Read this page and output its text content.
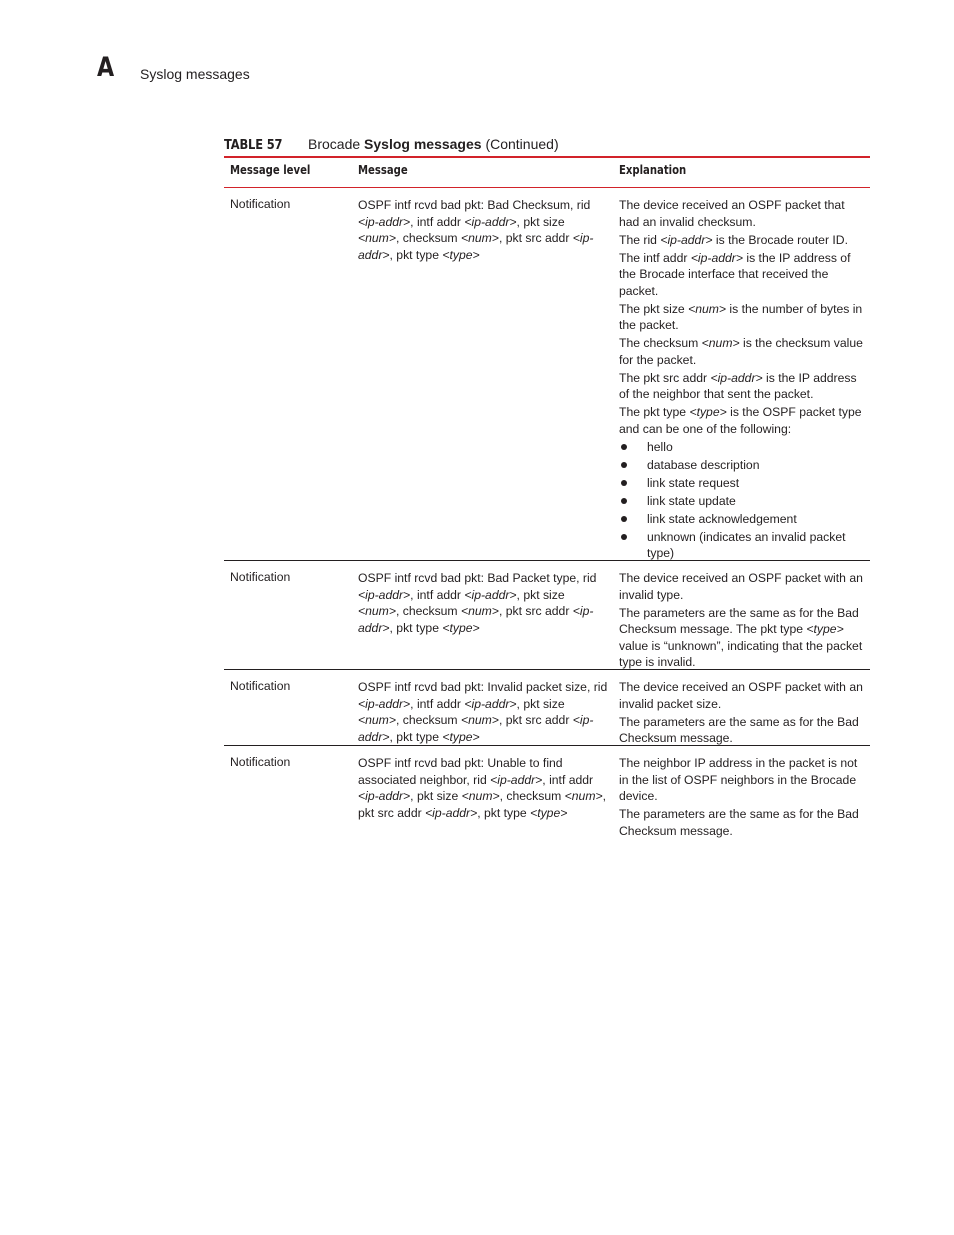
A Syslog messages
TABLE 57 Brocade Syslog messages (Continued)
Message level	Message	Explanation
Notification	OSPF intf rcvd bad pkt: Bad Checksum, rid <ip-addr>, intf addr <ip-addr>, pkt size <num>, checksum <num>, pkt src addr <ip-addr>, pkt type <type>

The device received an OSPF packet that had an invalid checksum.

The rid <ip-addr> is the Brocade router ID.

The intf addr <ip-addr> is the IP address of the Brocade interface that received the packet.

The pkt size <num> is the number of bytes in the packet.

The checksum <num> is the checksum value for the packet.

The pkt src addr <ip-addr> is the IP address of the neighbor that sent the packet.

The pkt type <type> is the OSPF packet type and can be one of the following:

hello
database description
link state request
link state update
link state acknowledgement
unknown (indicates an invalid packet type)
Notification	OSPF intf rcvd bad pkt: Bad Packet type, rid <ip-addr>, intf addr <ip-addr>, pkt size <num>, checksum <num>, pkt src addr <ip-addr>, pkt type <type>

The device received an OSPF packet with an invalid type.

The parameters are the same as for the Bad Checksum message. The pkt type <type> value is “unknown”, indicating that the packet type is invalid.

Notification	OSPF intf rcvd bad pkt: Invalid packet size, rid <ip-addr>, intf addr <ip-addr>, pkt size <num>, checksum <num>, pkt src addr <ip-addr>, pkt type <type>

The device received an OSPF packet with an invalid packet size.

The parameters are the same as for the Bad Checksum message.

Notification	OSPF intf rcvd bad pkt: Unable to find associated neighbor, rid <ip-addr>, intf addr <ip-addr>, pkt size <num>, checksum <num>, pkt src addr <ip-addr>, pkt type <type>

The neighbor IP address in the packet is not in the list of OSPF neighbors in the Brocade device.

The parameters are the same as for the Bad Checksum message.
